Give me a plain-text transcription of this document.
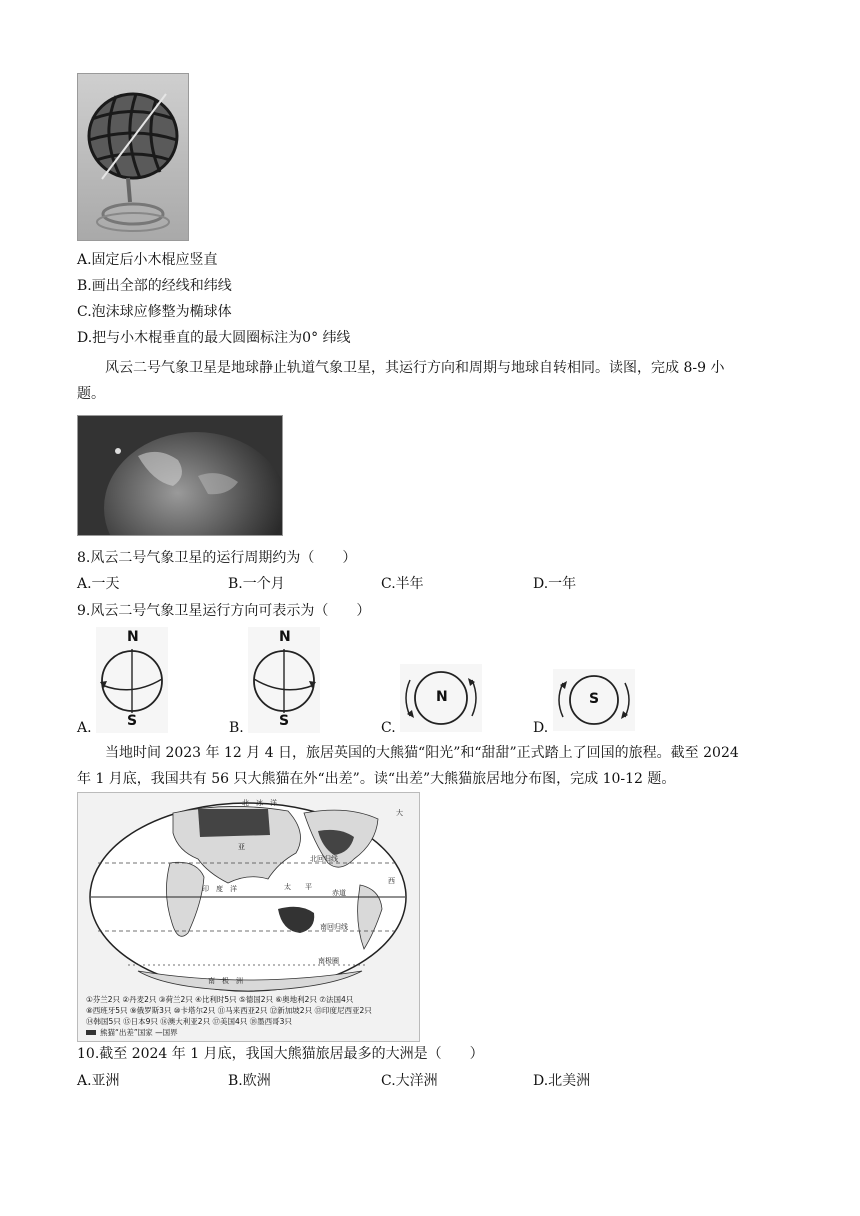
A.固定后小木棍应竖直
B.画出全部的经线和纬线
C.泡沫球应修整为椭球体
D.把与小木棍垂直的最大圆圈标注为0° 纬线
风云二号气象卫星是地球静止轨道气象卫星，其运行方向和周期与地球自转相同。读图，完成 8-9 小
题。
8.风云二号气象卫星的运行周期约为（　　）
A.一天	B.一个月	C.半年	D.一年
9.风云二号气象卫星运行方向可表示为（　　）
A.
N
S	B.
N
S	C.
N
D.
S
当地时间 2023 年 12 月 4 日，旅居英国的大熊猫“阳光”和“甜甜”正式踏上了回国的旅程。截至 2024
年 1 月底，我国共有 56 只大熊猫在外“出差”。读“出差”大熊猫旅居地分布图，完成 10-12 题。
北　冰　洋
北回归线
赤道
南回归线
南极圈
印　度　洋	太　　平
南　极　洲
西
大
亚
①芬兰2只 ②丹麦2只 ③荷兰2只 ④比利时5只 ⑤德国2只 ⑥奥地利2只 ⑦法国4只
⑧西班牙5只 ⑨俄罗斯3只 ⑩卡塔尔2只 ⑪马来西亚2只 ⑫新加坡2只 ⑬印度尼西亚2只
⑭韩国5只 ⑮日本9只 ⑯澳大利亚2只 ⑰美国4只 ⑱墨西哥3只
熊猫“出差”国家 —国界
10.截至 2024 年 1 月底，我国大熊猫旅居最多的大洲是（　　）
A.亚洲	B.欧洲	C.大洋洲	D.北美洲
